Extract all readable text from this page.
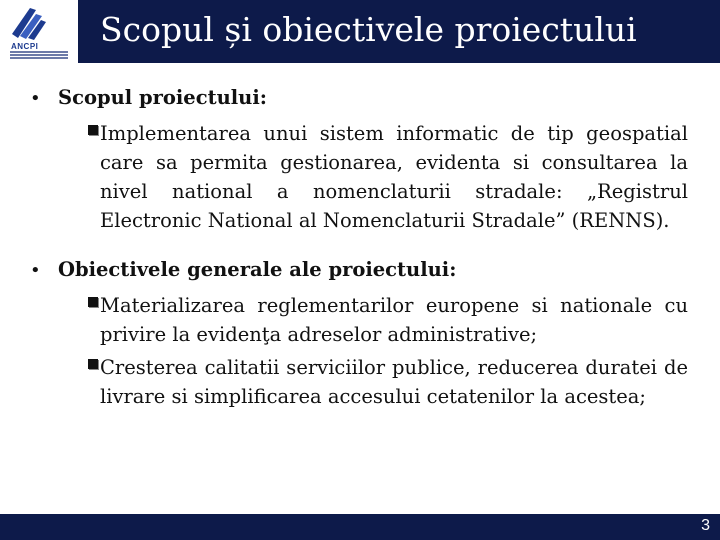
ANCPI Scopul și obiectivele proiectului
• Scopul proiectului:
Implementarea unui sistem informatic de tip geospatial care sa permita gestionarea, evidenta si consultarea la nivel national a nomenclaturii stradale: „Registrul Electronic National al Nomenclaturii Stradale” (RENNS).
• Obiectivele generale ale proiectului:
Materializarea reglementarilor europene si nationale cu privire la evidenţa adreselor administrative;
Cresterea calitatii serviciilor publice, reducerea duratei de livrare si simplificarea accesului cetatenilor la acestea;
3
